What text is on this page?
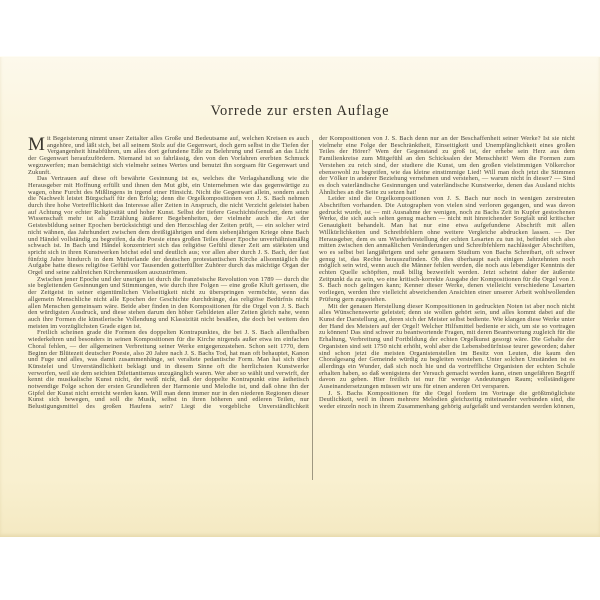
Vorrede zur ersten Auflage

Mit Begeisterung nimmt unser Zeitalter alles Große und Bedeutsame auf, welchen Kreisen es auch angehöre, und läßt sich, bei all seinem Stolz auf die Gegenwart, doch gern selbst in die Tiefen der Vergangenheit hinabführen, um alles dort gefundene Edle zu Belehrung und Genuß an das Licht der Gegenwart heraufzufördern. Niemand ist so fahrlässig, den von den Vorfahren ererbten Schmuck wegzuwerfen; man bemächtigt sich vielmehr seines Wertes und benutzt ihn sorgsam für Gegenwart und Zukunft.

Das Vertrauen auf diese oft bewährte Gesinnung ist es, welches die Verlagshandlung wie die Herausgeber mit Hoffnung erfüllt und ihnen den Mut gibt, ein Unternehmen wie das gegenwärtige zu wagen, ohne Furcht des Mißlingens in irgend einer Hinsicht. Nicht die Gegenwart allein, sondern auch die Nachwelt leistet Bürgschaft für den Erfolg; denn die Orgelkompositionen von J. S. Bach nehmen durch ihre hohe Vortrefflichkeit das Interesse aller Zeiten in Anspruch, die nicht Verzicht geleistet haben auf Achtung vor echter Religiosität und hoher Kunst. Selbst der tiefere Geschichtsforscher, dem seine Wissenschaft mehr ist als Erzählung äußerer Begebenheiten, der vielmehr auch die Art der Geistesbildung seiner Epochen berücksichtigt und den Herzschlag der Zeiten prüft, — ein solcher wird nicht wähnen, das Jahrhundert zwischen dem dreißigjährigen und dem siebenjährigen Kriege ohne Bach und Händel vollständig zu begreifen, da die Poesie eines großen Teiles dieser Epoche unverhältnismäßig schwach ist. In Bach und Händel konzentriert sich das religiöse Gefühl dieser Zeit am stärksten und spricht sich in ihren Kunstwerken höchst edel und deutlich aus; vor allen aber durch J. S. Bach, der fast fünfzig Jahre hindurch in dem Mutterlande der deutschen protestantischen Kirche allsonntäglich die Aufgabe hatte dieses religiöse Gefühl vor Tausenden gotterfüllter Zuhörer durch das mächtige Organ der Orgel und seine zahlreichen Kirchenmusiken auszuströmen.

Zwischen jener Epoche und der unsrigen ist durch die französische Revolution von 1789 — durch die sie begleitenden Gesinnungen und Stimmungen, wie durch ihre Folgen — eine große Kluft gerissen, die der Zeitgeist in seiner eigentümlichen Vielseitigkeit nicht zu überspringen vermöchte, wenn das allgemein Menschliche nicht alle Epochen der Geschichte durchdränge, das religiöse Bedürfnis nicht allen Menschen gemeinsam wäre. Beide aber finden in den Kompositionen für die Orgel von J. S. Bach den würdigsten Ausdruck, und diese stehen darum den höher Gebildeten aller Zeiten gleich nahe, wenn auch ihre Formen die künstlerische Vollendung und Klassizität nicht besäßen, die doch bei weitem den meisten im vorzüglichsten Grade eigen ist.

Freilich scheinen grade die Formen des doppelten Kontrapunktes, die bei J. S. Bach allenthalben wiederkehren und besonders in seinen Kompositionen für die Kirche nirgends außer etwa im einfachen Choral fehlen, — der allgemeinen Verbreitung seiner Werke entgegenzustehen. Schon seit 1770, dem Beginn der Blütezeit deutscher Poesie, also 20 Jahre nach J. S. Bachs Tod, hat man oft behauptet, Kanon und Fuge und alles, was damit zusammenhänge, sei veraltete pedantische Form. Man hat sich über Künstelei und Unverständlichkeit beklagt und in diesem Sinne oft die herrlichsten Kunstwerke verworfen, weil sie dem seichten Dilettantismus unzugänglich waren. Wer aber so wählt und verwirft, der kennt die musikalische Kunst nicht, der weiß nicht, daß der doppelte Kontrapunkt eine ästhetisch notwendige Folge schon der ersten Grundlehren der Harmonie und Melodie ist, und daß ohne ihn der Gipfel der Kunst nicht erreicht werden kann. Will man denn immer nur in den niederen Regionen dieser Kunst sich bewegen, und soll die Musik, selbst in ihren höheren und edleren Teilen, nur Belustigungsmittel des großen Haufens sein? Liegt die vorgebliche Unverständlichkeit

der Kompositionen von J. S. Bach denn nur an der Beschaffenheit seiner Werke? Ist sie nicht vielmehr eine Folge der Beschränktheit, Einseitigkeit und Unempfänglichkeit eines großen Teiles der Hörer? Wem der Gegenstand zu groß ist, der erhebe sein Herz aus dem Familienkreise zum Mitgefühl an den Schicksalen der Menschheit! Wem die Formen zum Verstehen zu reich sind, der studiere die Kunst, um den großen vielstimmigen Völkerchor ebensowohl zu begreifen, wie das kleine einstimmige Lied! Will man doch jetzt die Stimmen der Völker in anderer Beziehung vernehmen und verstehen, — warum nicht in dieser? — Sind es doch vaterländische Gesinnungen und vaterländische Kunstwerke, denen das Ausland nichts Ähnliches an die Seite zu setzen hat!

Leider sind die Orgelkompositionen von J. S. Bach nur noch in wenigen zerstreuten Abschriften vorhanden. Die Autographen von vielen sind verloren gegangen, und was davon gedruckt wurde, ist — mit Ausnahme der wenigen, noch zu Bachs Zeit in Kupfer gestochenen Werke, die sich auch selten genug machen — nicht mit hinreichender Sorgfalt und kritischer Genauigkeit behandelt. Man hat nur eine etwa aufgefundene Abschrift mit allen Willkürlichkeiten und Schreibfehlern ohne weitere Vergleiche abdrucken lassen. — Der Herausgeber, dem es um Wiederherstellung der echten Lesarten zu tun ist, befindet sich also mitten zwischen den anmaßlichen Veränderungen und Schreibfehlern nachlässiger Abschriften, wo es selbst bei langjährigem und sehr genauem Studium von Bachs Schreibart, oft schwer genug ist, das Rechte herauszufinden. Ob dies überhaupt nach einigen Jahrzehnten noch möglich sein wird, wenn auch die Männer fehlen werden, die noch aus lebendiger Kenntnis der echten Quelle schöpften, muß billig bezweifelt werden. Jetzt scheint daher der äußerste Zeitpunkt da zu sein, wo eine kritisch-korrekte Ausgabe der Kompositionen für die Orgel von J. S. Bach noch gelingen kann; Kenner dieser Werke, denen vielleicht verschiedene Lesarten vorliegen, werden ihre vielleicht abweichenden Ansichten einer unserer Arbeit wohlwollenden Prüfung gern zugestehen.

Mit der genauen Herstellung dieser Kompositionen in gedruckten Noten ist aber noch nicht alles Wünschenswerte geleistet; denn sie wollen gehört sein, und alles kommt dabei auf die Kunst der Darstellung an, deren sich der Meister selbst bediente. Wie klangen diese Werke unter der Hand des Meisters auf der Orgel! Welcher Hilfsmittel bediente er sich, um sie so vortragen zu können! Das sind schwer zu beantwortende Fragen, mit deren Beantwortung zugleich für die Erhaltung, Verbreitung und Fortbildung der echten Orgelkunst gesorgt wäre. Die Gehalte der Organisten sind seit 1750 nicht erhöht, wohl aber die Lebensbedürfnisse teurer geworden; daher sind schon jetzt die meisten Organistenstellen im Besitz von Leuten, die kaum den Choralgesang der Gemeinde würdig zu begleiten verstehen. Unter solchen Umständen ist es allerdings ein Wunder, daß sich noch hie und da vortreffliche Organisten der echten Schule erhalten haben, so daß wenigstens der Versuch gemacht werden kann, einen ungefähren Begriff davon zu geben. Hier freilich ist nur für wenige Andeutungen Raum; vollständigere Auseinandersetzungen müssen wir uns für einen anderen Ort versparen.

J. S. Bachs Kompositionen für die Orgel fordern im Vortrage die größtmöglichste Deutlichkeit, weil in ihnen mehrere Melodien gleichzeitig miteinander verbunden sind, die weder einzeln noch in ihrem Zusammenhang gehörig aufgefaßt und verstanden werden können,
